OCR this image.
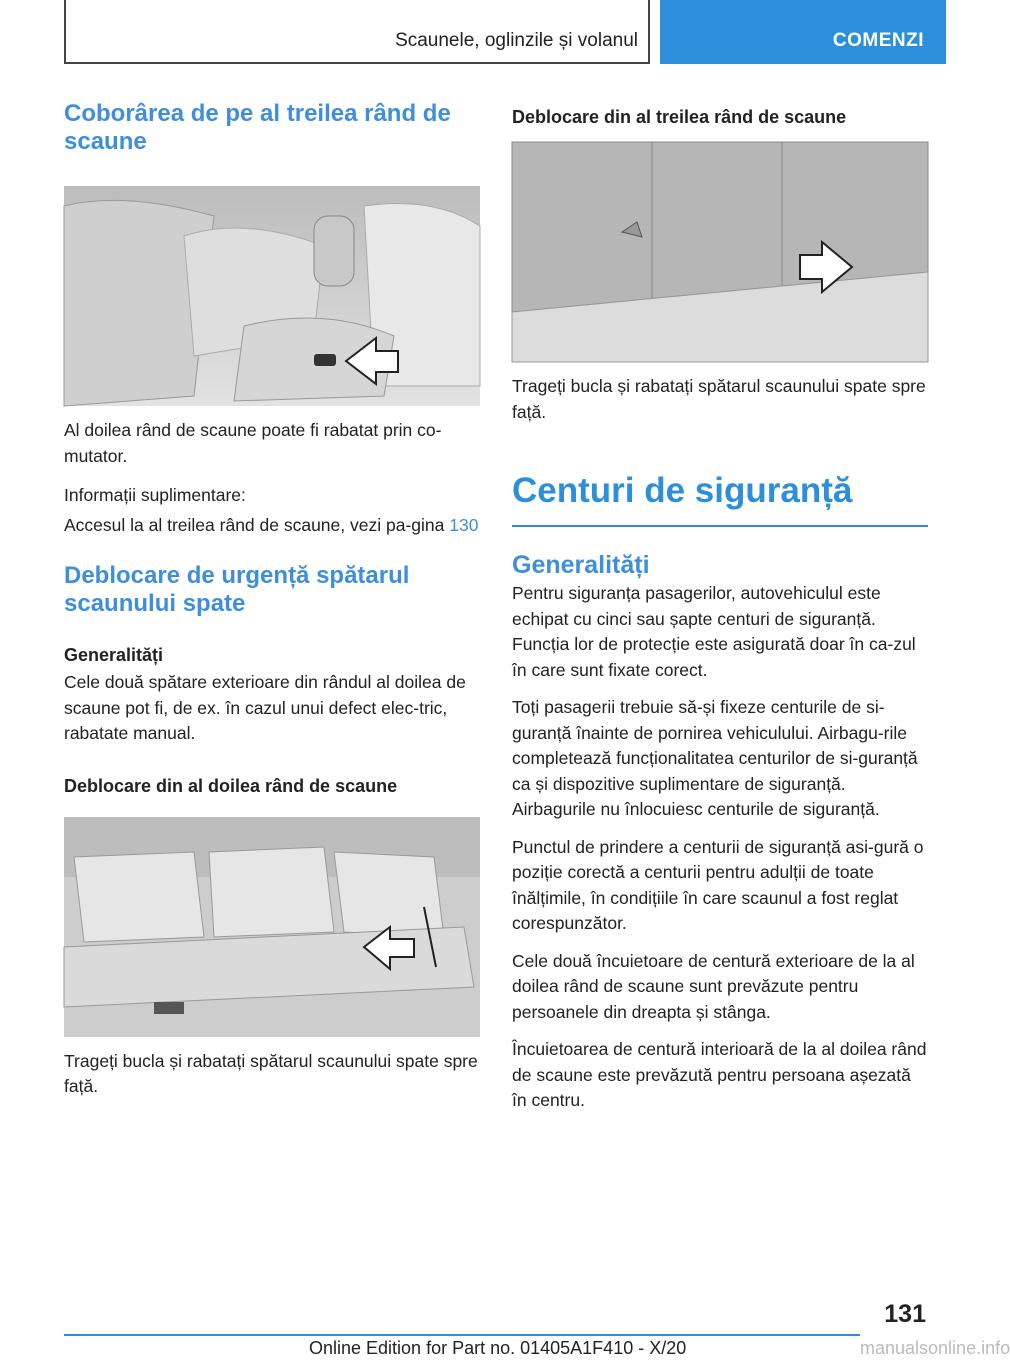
Scaunele, oglinzile și volanul	COMENZI
Coborârea de pe al treilea rând de scaune

Al doilea rând de scaune poate fi rabatat prin co-mutator.

Informații suplimentare:

Accesul la al treilea rând de scaune, vezi pa-gina 130

Deblocare de urgență spătarul scaunului spate
Generalități

Cele două spătare exterioare din rândul al doilea de scaune pot fi, de ex. în cazul unui defect elec-tric, rabatate manual.

Deblocare din al doilea rând de scaune

Trageți bucla și rabatați spătarul scaunului spate spre față.

Deblocare din al treilea rând de scaune

Trageți bucla și rabatați spătarul scaunului spate spre față.

Centuri de siguranță
Generalități

Pentru siguranța pasagerilor, autovehiculul este echipat cu cinci sau șapte centuri de siguranță. Funcția lor de protecție este asigurată doar în ca-zul în care sunt fixate corect.

Toți pasagerii trebuie să-și fixeze centurile de si-guranță înainte de pornirea vehiculului. Airbagu-rile completează funcționalitatea centurilor de si-guranță ca și dispozitive suplimentare de siguranță. Airbagurile nu înlocuiesc centurile de siguranță.

Punctul de prindere a centurii de siguranță asi-gură o poziție corectă a centurii pentru adulții de toate înălțimile, în condițiile în care scaunul a fost reglat corespunzător.

Cele două încuietoare de centură exterioare de la al doilea rând de scaune sunt prevăzute pentru persoanele din dreapta și stânga.

Încuietoarea de centură interioară de la al doilea rând de scaune este prevăzută pentru persoana așezată în centru.

131
Online Edition for Part no. 01405A1F410 - X/20	manualsonline.info
